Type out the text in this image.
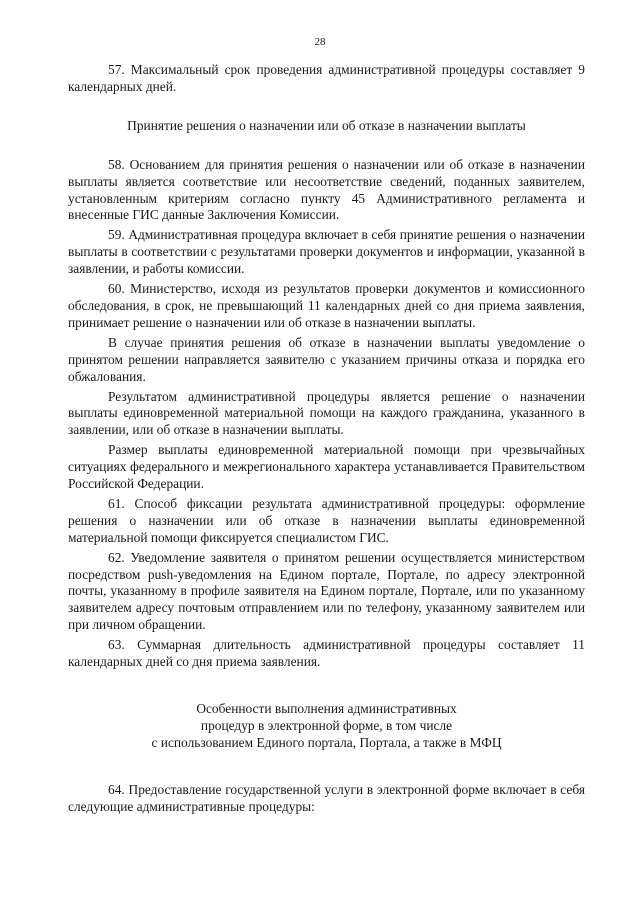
28

57. Максимальный срок проведения административной процедуры составляет 9 календарных дней.

Принятие решения о назначении или об отказе в назначении выплаты

58. Основанием для принятия решения о назначении или об отказе в назначении выплаты является соответствие или несоответствие сведений, поданных заявителем, установленным критериям согласно пункту 45 Административного регламента и внесенные ГИС данные Заключения Комиссии.

59. Административная процедура включает в себя принятие решения о назначении выплаты в соответствии с результатами проверки документов и информации, указанной в заявлении, и работы комиссии.

60. Министерство, исходя из результатов проверки документов и комиссионного обследования, в срок, не превышающий 11 календарных дней со дня приема заявления, принимает решение о назначении или об отказе в назначении выплаты.

В случае принятия решения об отказе в назначении выплаты уведомление о принятом решении направляется заявителю с указанием причины отказа и порядка его обжалования.

Результатом административной процедуры является решение о назначении выплаты единовременной материальной помощи на каждого гражданина, указанного в заявлении, или об отказе в назначении выплаты.

Размер выплаты единовременной материальной помощи при чрезвычайных ситуациях федерального и межрегионального характера устанавливается Правительством Российской Федерации.

61. Способ фиксации результата административной процедуры: оформление решения о назначении или об отказе в назначении выплаты единовременной материальной помощи фиксируется специалистом ГИС.

62. Уведомление заявителя о принятом решении осуществляется министерством посредством push-уведомления на Едином портале, Портале, по адресу электронной почты, указанному в профиле заявителя на Едином портале, Портале, или по указанному заявителем адресу почтовым отправлением или по телефону, указанному заявителем или при личном обращении.

63. Суммарная длительность административной процедуры составляет 11 календарных дней со дня приема заявления.

Особенности выполнения административных
процедур в электронной форме, в том числе
с использованием Единого портала, Портала, а также в МФЦ

64. Предоставление государственной услуги в электронной форме включает в себя следующие административные процедуры:
